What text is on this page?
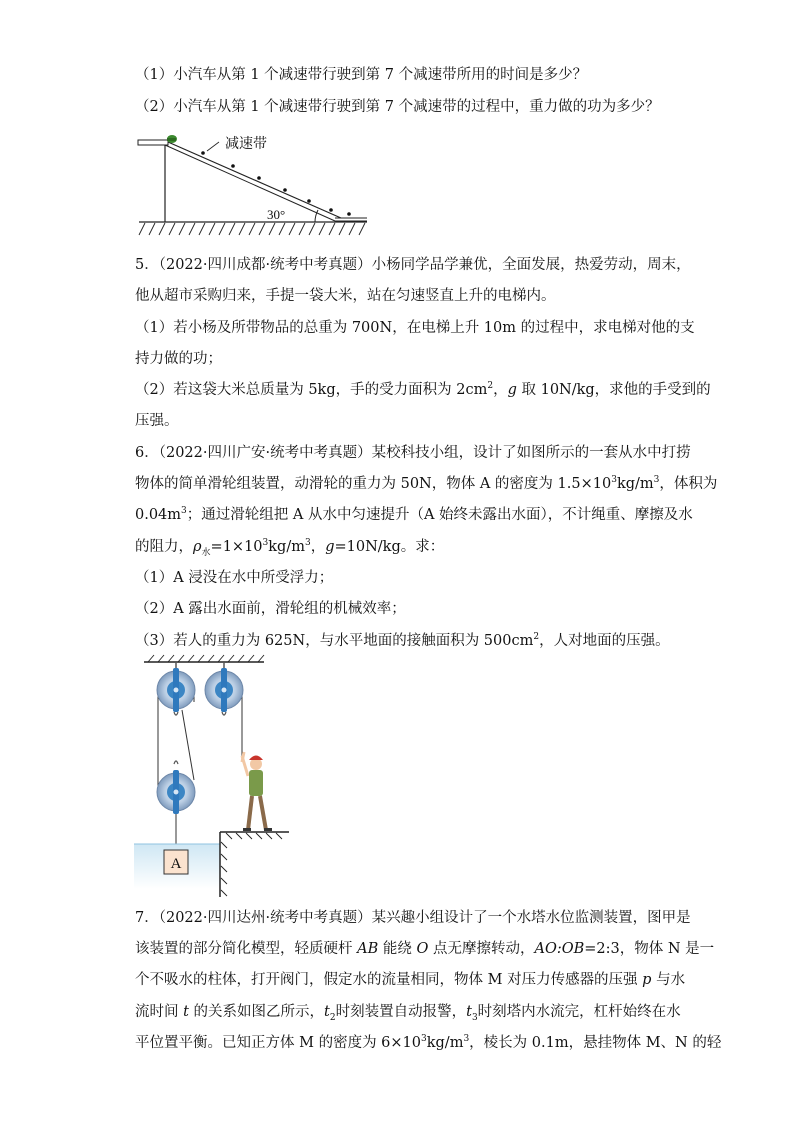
（1）小汽车从第 1 个减速带行驶到第 7 个减速带所用的时间是多少？
（2）小汽车从第 1 个减速带行驶到第 7 个减速带的过程中，重力做的功为多少？
减速带
30°
5．（2022·四川成都·统考中考真题）小杨同学品学兼优，全面发展，热爱劳动，周末，
他从超市采购归来，手提一袋大米，站在匀速竖直上升的电梯内。
（1）若小杨及所带物品的总重为 700N，在电梯上升 10m 的过程中，求电梯对他的支
持力做的功；
（2）若这袋大米总质量为 5kg，手的受力面积为 $2cm^2$，g 取 10N/kg，求他的手受到的
压强。
6．（2022·四川广安·统考中考真题）某校科技小组，设计了如图所示的一套从水中打捞
物体的简单滑轮组装置，动滑轮的重力为 50N，物体 A 的密度为 $1.5\times 10^3kg/m^3$，体积为
$0.04m^3$；通过滑轮组把 A 从水中匀速提升（A 始终未露出水面），不计绳重、摩擦及水
的阻力，$\rho_水=1\times 10^3kg/m^3$，g=10N/kg。求：
（1）A 浸没在水中所受浮力；
（2）A 露出水面前，滑轮组的机械效率；
（3）若人的重力为 625N，与水平地面的接触面积为 $500cm^2$，人对地面的压强。
A
7．（2022·四川达州·统考中考真题）某兴趣小组设计了一个水塔水位监测装置，图甲是
该装置的部分简化模型，轻质硬杆 AB 能绕 O 点无摩擦转动，AO:OB=2:3，物体 N 是一
个不吸水的柱体，打开阀门，假定水的流量相同，物体 M 对压力传感器的压强 p 与水
流时间 t 的关系如图乙所示，$t_2$时刻装置自动报警，$t_3$时刻塔内水流完，杠杆始终在水
平位置平衡。已知正方体 M 的密度为 $6\times 10^3kg/m^3$，棱长为 0.1m，悬挂物体 M、N 的轻
